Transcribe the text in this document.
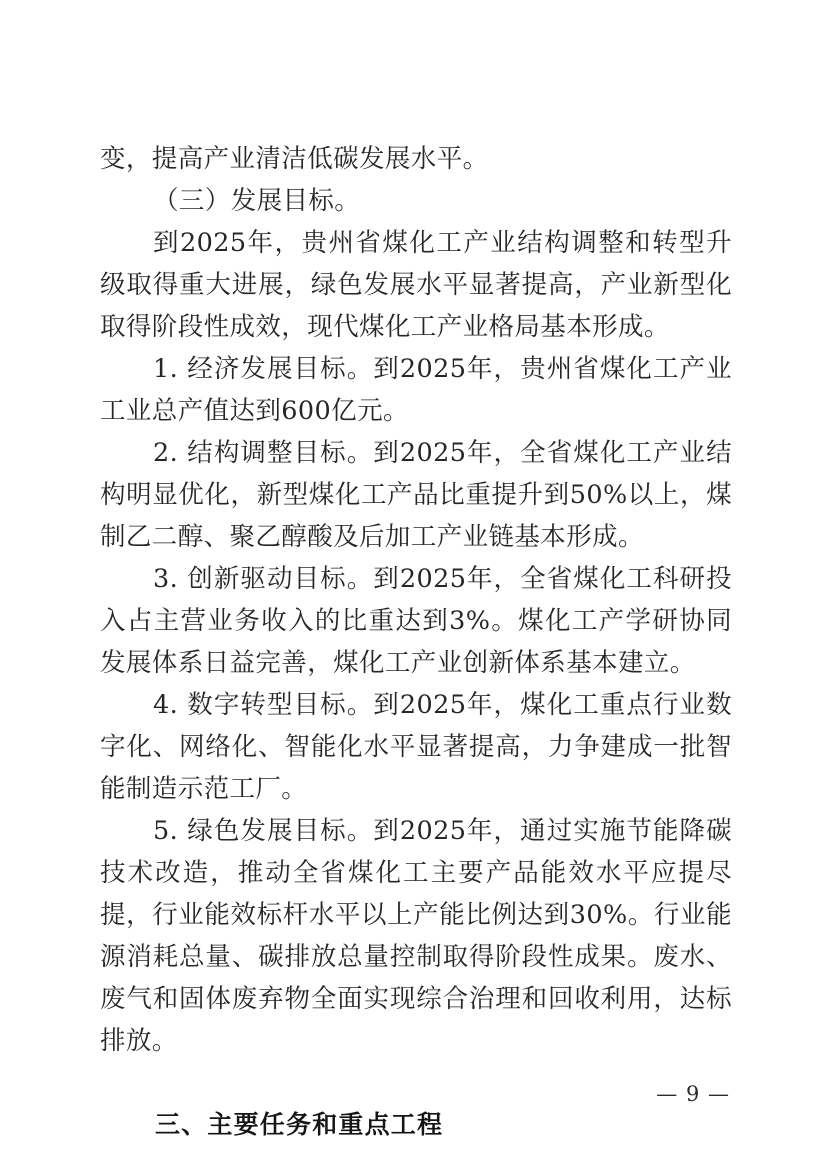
变，提高产业清洁低碳发展水平。

（三）发展目标。

到2025年，贵州省煤化工产业结构调整和转型升级取得重大进展，绿色发展水平显著提高，产业新型化取得阶段性成效，现代煤化工产业格局基本形成。

1. 经济发展目标。到2025年，贵州省煤化工产业工业总产值达到600亿元。

2. 结构调整目标。到2025年，全省煤化工产业结构明显优化，新型煤化工产品比重提升到50%以上，煤制乙二醇、聚乙醇酸及后加工产业链基本形成。

3. 创新驱动目标。到2025年，全省煤化工科研投入占主营业务收入的比重达到3%。煤化工产学研协同发展体系日益完善，煤化工产业创新体系基本建立。

4. 数字转型目标。到2025年，煤化工重点行业数字化、网络化、智能化水平显著提高，力争建成一批智能制造示范工厂。

5. 绿色发展目标。到2025年，通过实施节能降碳技术改造，推动全省煤化工主要产品能效水平应提尽提，行业能效标杆水平以上产能比例达到30%。行业能源消耗总量、碳排放总量控制取得阶段性成果。废水、废气和固体废弃物全面实现综合治理和回收利用，达标排放。

三、主要任务和重点工程

— 9 —
